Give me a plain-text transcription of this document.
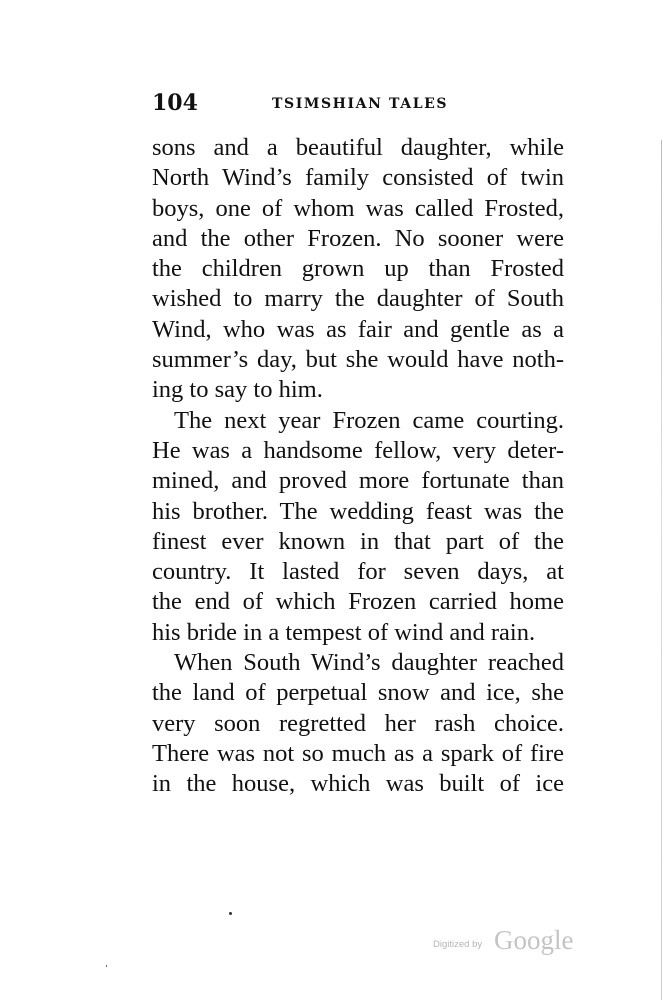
104	TSIMSHIAN TALES
sons and a beautiful daughter, while
North Wind’s family consisted of twin
boys, one of whom was called Frosted,
and the other Frozen. No sooner were
the children grown up than Frosted
wished to marry the daughter of South
Wind, who was as fair and gentle as a
summer’s day, but she would have noth-
ing to say to him.
The next year Frozen came courting.
He was a handsome fellow, very deter-
mined, and proved more fortunate than
his brother. The wedding feast was the
finest ever known in that part of the
country. It lasted for seven days, at
the end of which Frozen carried home
his bride in a tempest of wind and rain.
When South Wind’s daughter reached
the land of perpetual snow and ice, she
very soon regretted her rash choice.
There was not so much as a spark of fire
in the house, which was built of ice
Digitized by Google
